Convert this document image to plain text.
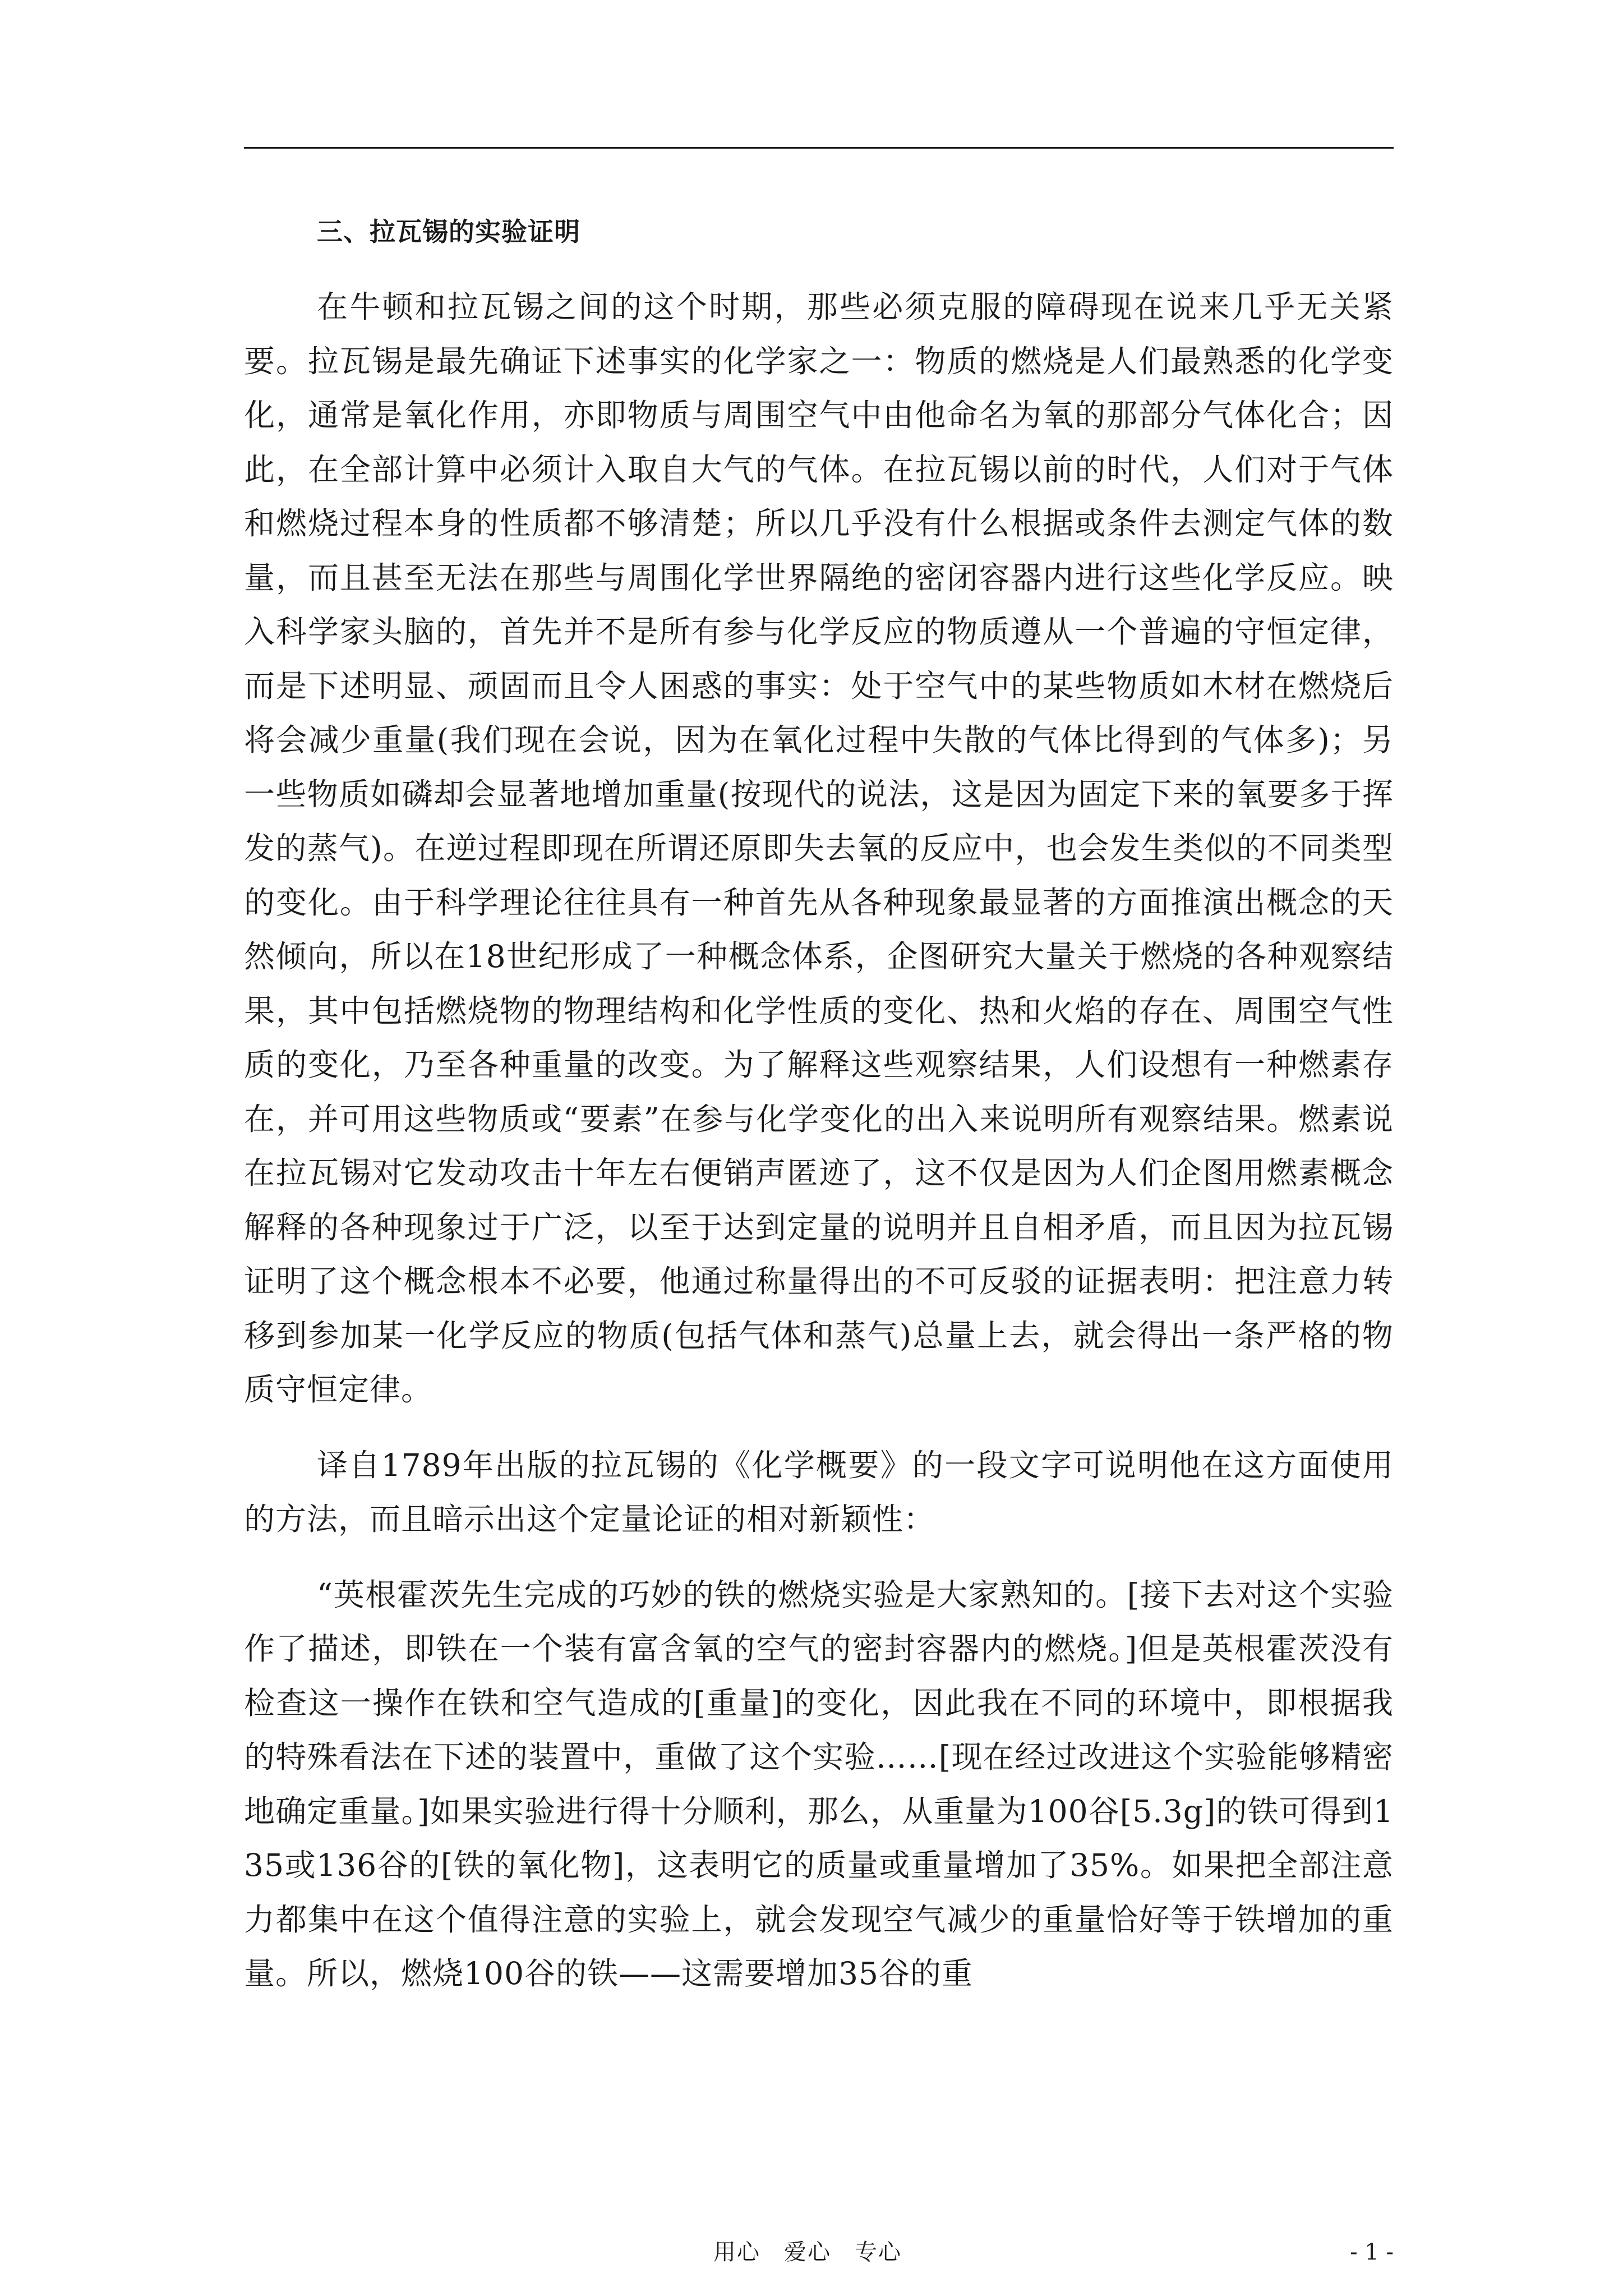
三、拉瓦锡的实验证明

在牛顿和拉瓦锡之间的这个时期，那些必须克服的障碍现在说来几乎无关紧要。拉瓦锡是最先确证下述事实的化学家之一：物质的燃烧是人们最熟悉的化学变化，通常是氧化作用，亦即物质与周围空气中由他命名为氧的那部分气体化合；因此，在全部计算中必须计入取自大气的气体。在拉瓦锡以前的时代，人们对于气体和燃烧过程本身的性质都不够清楚；所以几乎没有什么根据或条件去测定气体的数量，而且甚至无法在那些与周围化学世界隔绝的密闭容器内进行这些化学反应。映入科学家头脑的，首先并不是所有参与化学反应的物质遵从一个普遍的守恒定律，而是下述明显、顽固而且令人困惑的事实：处于空气中的某些物质如木材在燃烧后将会减少重量(我们现在会说，因为在氧化过程中失散的气体比得到的气体多)；另一些物质如磷却会显著地增加重量(按现代的说法，这是因为固定下来的氧要多于挥发的蒸气)。在逆过程即现在所谓还原即失去氧的反应中，也会发生类似的不同类型的变化。由于科学理论往往具有一种首先从各种现象最显著的方面推演出概念的天然倾向，所以在18世纪形成了一种概念体系，企图研究大量关于燃烧的各种观察结果，其中包括燃烧物的物理结构和化学性质的变化、热和火焰的存在、周围空气性质的变化，乃至各种重量的改变。为了解释这些观察结果，人们设想有一种燃素存在，并可用这些物质或“要素”在参与化学变化的出入来说明所有观察结果。燃素说在拉瓦锡对它发动攻击十年左右便销声匿迹了，这不仅是因为人们企图用燃素概念解释的各种现象过于广泛，以至于达到定量的说明并且自相矛盾，而且因为拉瓦锡证明了这个概念根本不必要，他通过称量得出的不可反驳的证据表明：把注意力转移到参加某一化学反应的物质(包括气体和蒸气)总量上去，就会得出一条严格的物质守恒定律。

译自1789年出版的拉瓦锡的《化学概要》的一段文字可说明他在这方面使用的方法，而且暗示出这个定量论证的相对新颖性：

“英根霍茨先生完成的巧妙的铁的燃烧实验是大家熟知的。[接下去对这个实验作了描述，即铁在一个装有富含氧的空气的密封容器内的燃烧。]但是英根霍茨没有检查这一操作在铁和空气造成的[重量]的变化，因此我在不同的环境中，即根据我的特殊看法在下述的装置中，重做了这个实验……[现在经过改进这个实验能够精密地确定重量。]如果实验进行得十分顺利，那么，从重量为100谷[5.3g]的铁可得到135或136谷的[铁的氧化物]，这表明它的质量或重量增加了35%。如果把全部注意力都集中在这个值得注意的实验上，就会发现空气减少的重量恰好等于铁增加的重量。所以，燃烧100谷的铁——这需要增加35谷的重

用心　爱心　专心	- 1 -
